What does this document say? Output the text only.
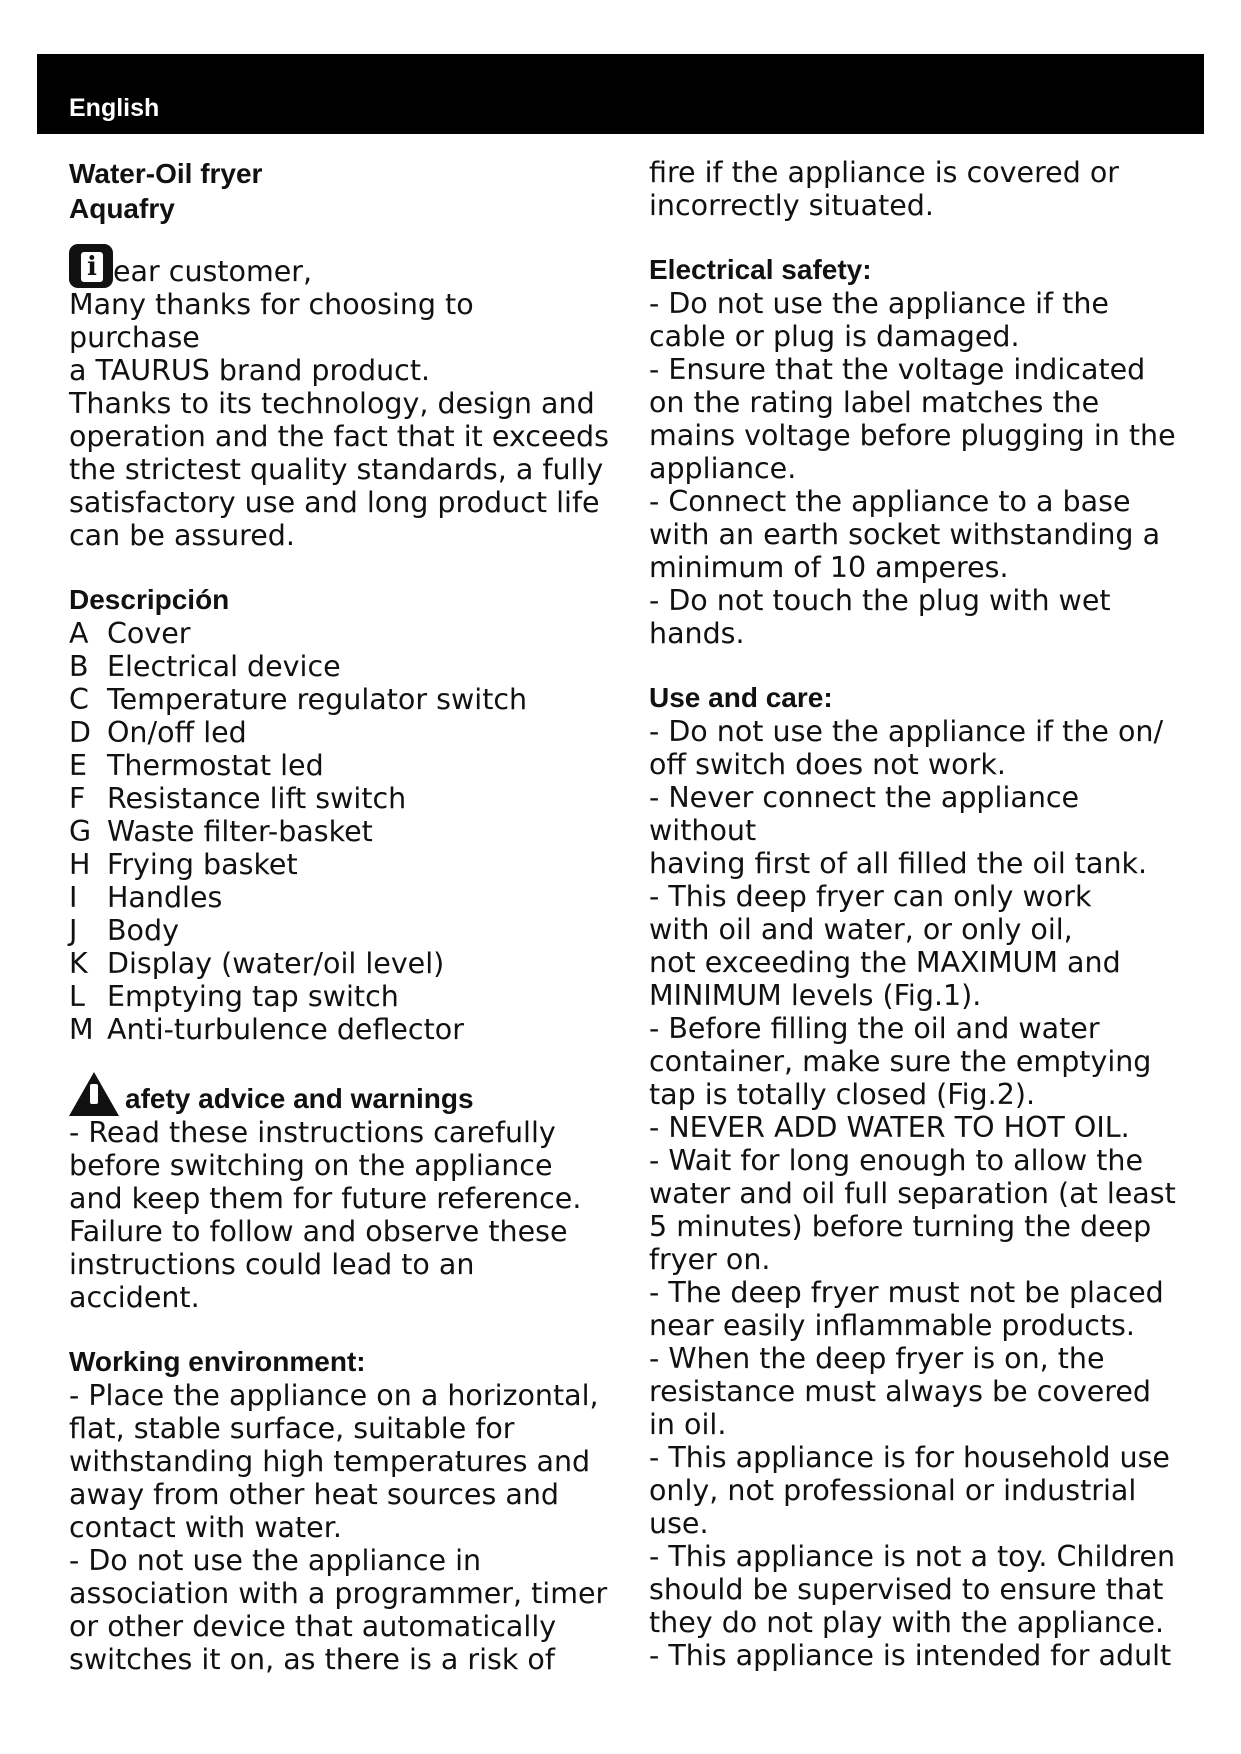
English

Water-Oil fryer

Aquafry

i ear customer,

Many thanks for choosing to purchase
a TAURUS brand product.
Thanks to its technology, design and
operation and the fact that it exceeds
the strictest quality standards, a fully
satisfactory use and long product life
can be assured.

Descripción

A Cover
B Electrical device
C Temperature regulator switch
D On/off led
E Thermostat led
F Resistance lift switch
G Waste filter-basket
H Frying basket
I	Handles
J	Body
K Display (water/oil level)
L Emptying tap switch
M Anti-turbulence deflector

afety advice and warnings

- Read these instructions carefully
before switching on the appliance
and keep them for future reference.
Failure to follow and observe these
instructions could lead to an
accident.

Working environment:

- Place the appliance on a horizontal,
flat, stable surface, suitable for
withstanding high temperatures and
away from other heat sources and
contact with water.
- Do not use the appliance in
association with a programmer, timer
or other device that automatically
switches it on, as there is a risk of

fire if the appliance is covered or
incorrectly situated.

Electrical safety:

- Do not use the appliance if the
cable or plug is damaged.
- Ensure that the voltage indicated
on the rating label matches the
mains voltage before plugging in the
appliance.
- Connect the appliance to a base
with an earth socket withstanding a
minimum of 10 amperes.
- Do not touch the plug with wet
hands.

Use and care:

- Do not use the appliance if the on/
off switch does not work.
- Never connect the appliance without
having first of all filled the oil tank.
- This deep fryer can only work
with oil and water, or only oil,
not exceeding the MAXIMUM and
MINIMUM levels (Fig.1).
- Before filling the oil and water
container, make sure the emptying
tap is totally closed (Fig.2).
- NEVER ADD WATER TO HOT OIL.
- Wait for long enough to allow the
water and oil full separation (at least
5 minutes) before turning the deep
fryer on.
- The deep fryer must not be placed
near easily inflammable products.
- When the deep fryer is on, the
resistance must always be covered
in oil.
- This appliance is for household use
only, not professional or industrial
use.
- This appliance is not a toy. Children
should be supervised to ensure that
they do not play with the appliance.
- This appliance is intended for adult
